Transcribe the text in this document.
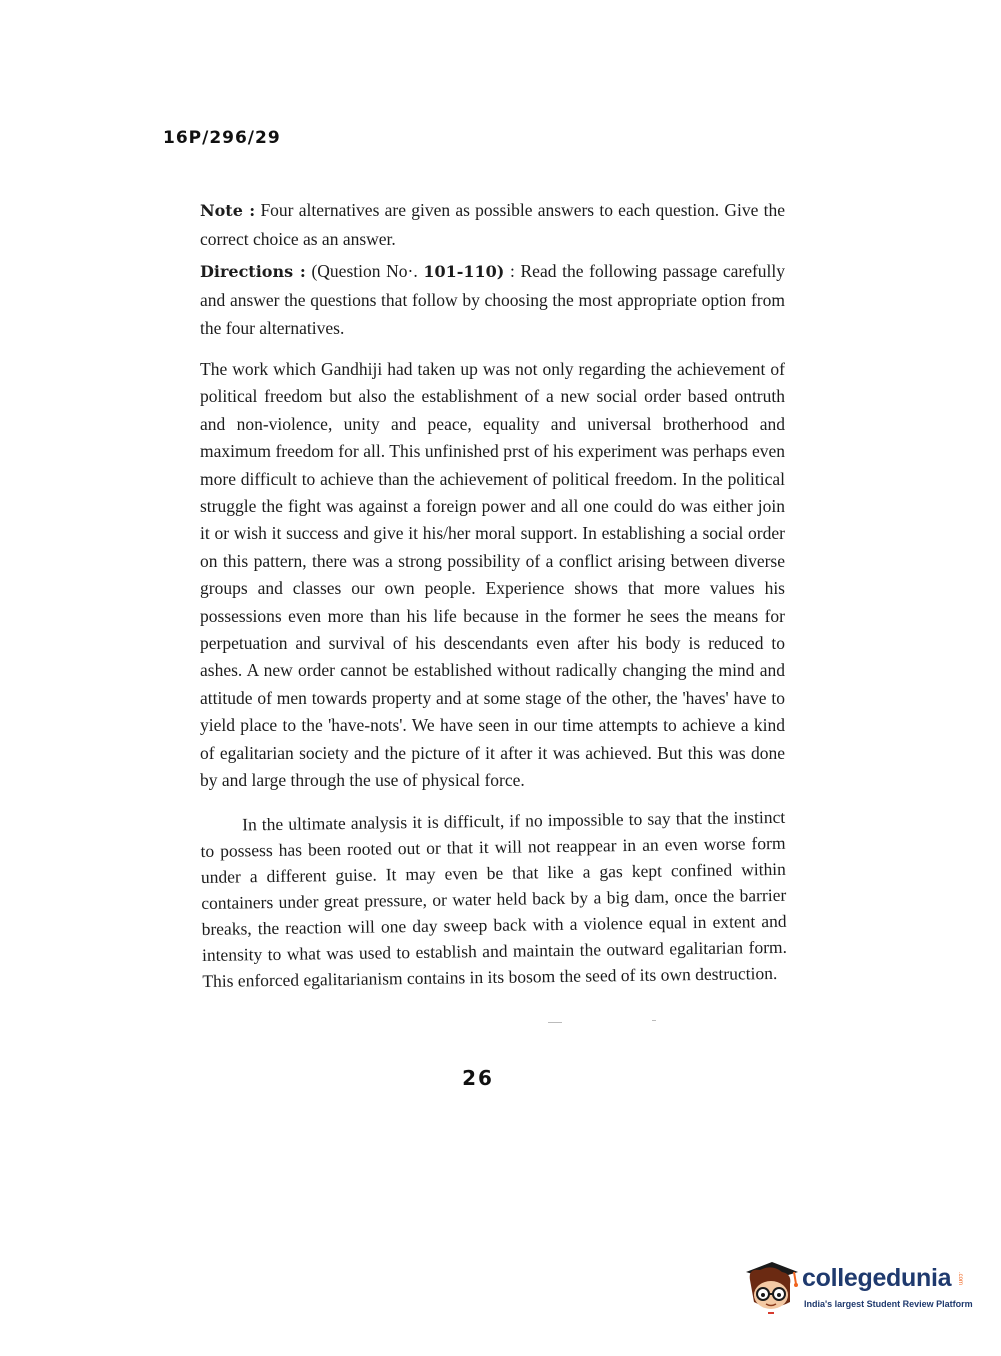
16P/296/29

Note : Four alternatives are given as possible answers to each question. Give the correct choice as an answer.

Directions : (Question No·. 101-110) : Read the following passage carefully and answer the questions that follow by choosing the most appropriate option from the four alternatives.

The work which Gandhiji had taken up was not only regarding the achievement of political freedom but also the establishment of a new social order based ontruth and non-violence, unity and peace, equality and universal brotherhood and maximum freedom for all. This unfinished prst of his experiment was perhaps even more difficult to achieve than the achievement of political freedom. In the political struggle the fight was against a foreign power and all one could do was either join it or wish it success and give it his/her moral support. In establishing a social order on this pattern, there was a strong possibility of a conflict arising between diverse groups and classes our own people. Experience shows that more values his possessions even more than his life because in the former he sees the means for perpetuation and survival of his descendants even after his body is reduced to ashes. A new order cannot be established without radically changing the mind and attitude of men towards property and at some stage of the other, the 'haves' have to yield place to the 'have-nots'. We have seen in our time attempts to achieve a kind of egalitarian society and the picture of it after it was achieved. But this was done by and large through the use of physical force.

In the ultimate analysis it is difficult, if no impossible to say that the instinct to possess has been rooted out or that it will not reappear in an even worse form under a different guise. It may even be that like a gas kept confined within containers under great pressure, or water held back by a big dam, once the barrier breaks, the reaction will one day sweep back with a violence equal in extent and intensity to what was used to establish and maintain the outward egalitarian form. This enforced egalitarianism contains in its bosom the seed of its own destruction.

26
collegedunia .com
India's largest Student Review Platform
